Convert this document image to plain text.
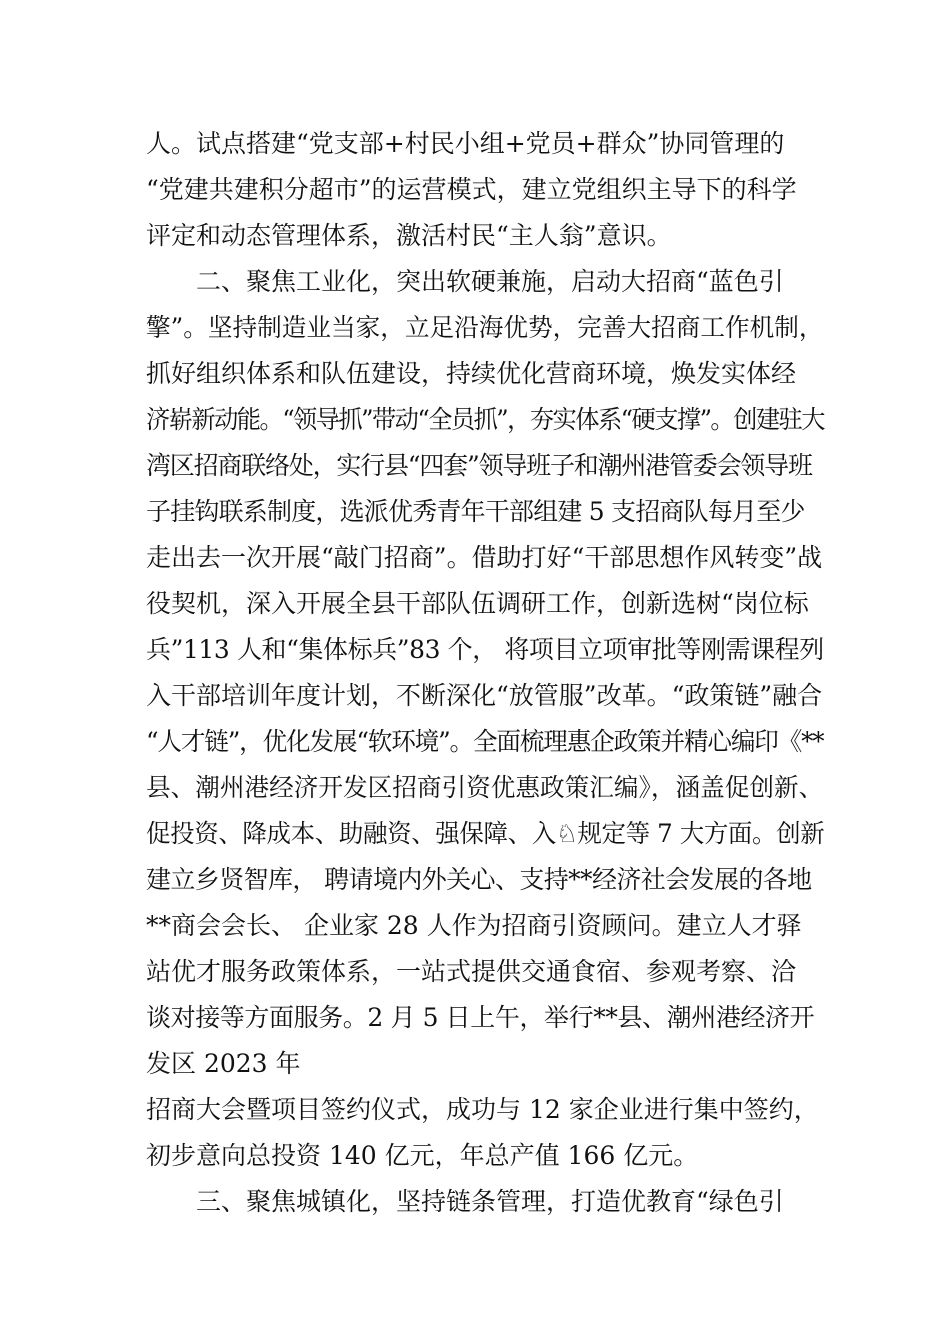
人。试点搭建“党支部+村民小组+党员+群众”协同管理的
“党建共建积分超市”的运营模式，建立党组织主导下的科学
评定和动态管理体系，激活村民“主人翁”意识。
二、聚焦工业化，突出软硬兼施，启动大招商“蓝色引
擎”。坚持制造业当家，立足沿海优势，完善大招商工作机制，
抓好组织体系和队伍建设，持续优化营商环境，焕发实体经
济崭新动能。“领导抓”带动“全员抓”，夯实体系“硬支撑”。创建驻大
湾区招商联络处，实行县“四套”领导班子和潮州港管委会领导班
子挂钩联系制度，选派优秀青年干部组建 5 支招商队每月至少
走出去一次开展“敲门招商”。借助打好“干部思想作风转变”战
役契机，深入开展全县干部队伍调研工作，创新选树“岗位标
兵”113 人和“集体标兵”83 个， 将项目立项审批等刚需课程列
入干部培训年度计划，不断深化“放管服”改革。“政策链”融合
“人才链”，优化发展“软环境”。全面梳理惠企政策并精心编印《**
县、潮州港经济开发区招商引资优惠政策汇编》，涵盖促创新、
促投资、降成本、助融资、强保障、入♘规定等 7 大方面。创新
建立乡贤智库， 聘请境内外关心、支持**经济社会发展的各地
**商会会长、 企业家 28 人作为招商引资顾问。建立人才驿
站优才服务政策体系，一站式提供交通食宿、参观考察、洽
谈对接等方面服务。2 月 5 日上午，举行**县、潮州港经济开
发区 2023 年
招商大会暨项目签约仪式，成功与 12 家企业进行集中签约，
初步意向总投资 140 亿元，年总产值 166 亿元。
三、聚焦城镇化，坚持链条管理，打造优教育“绿色引
